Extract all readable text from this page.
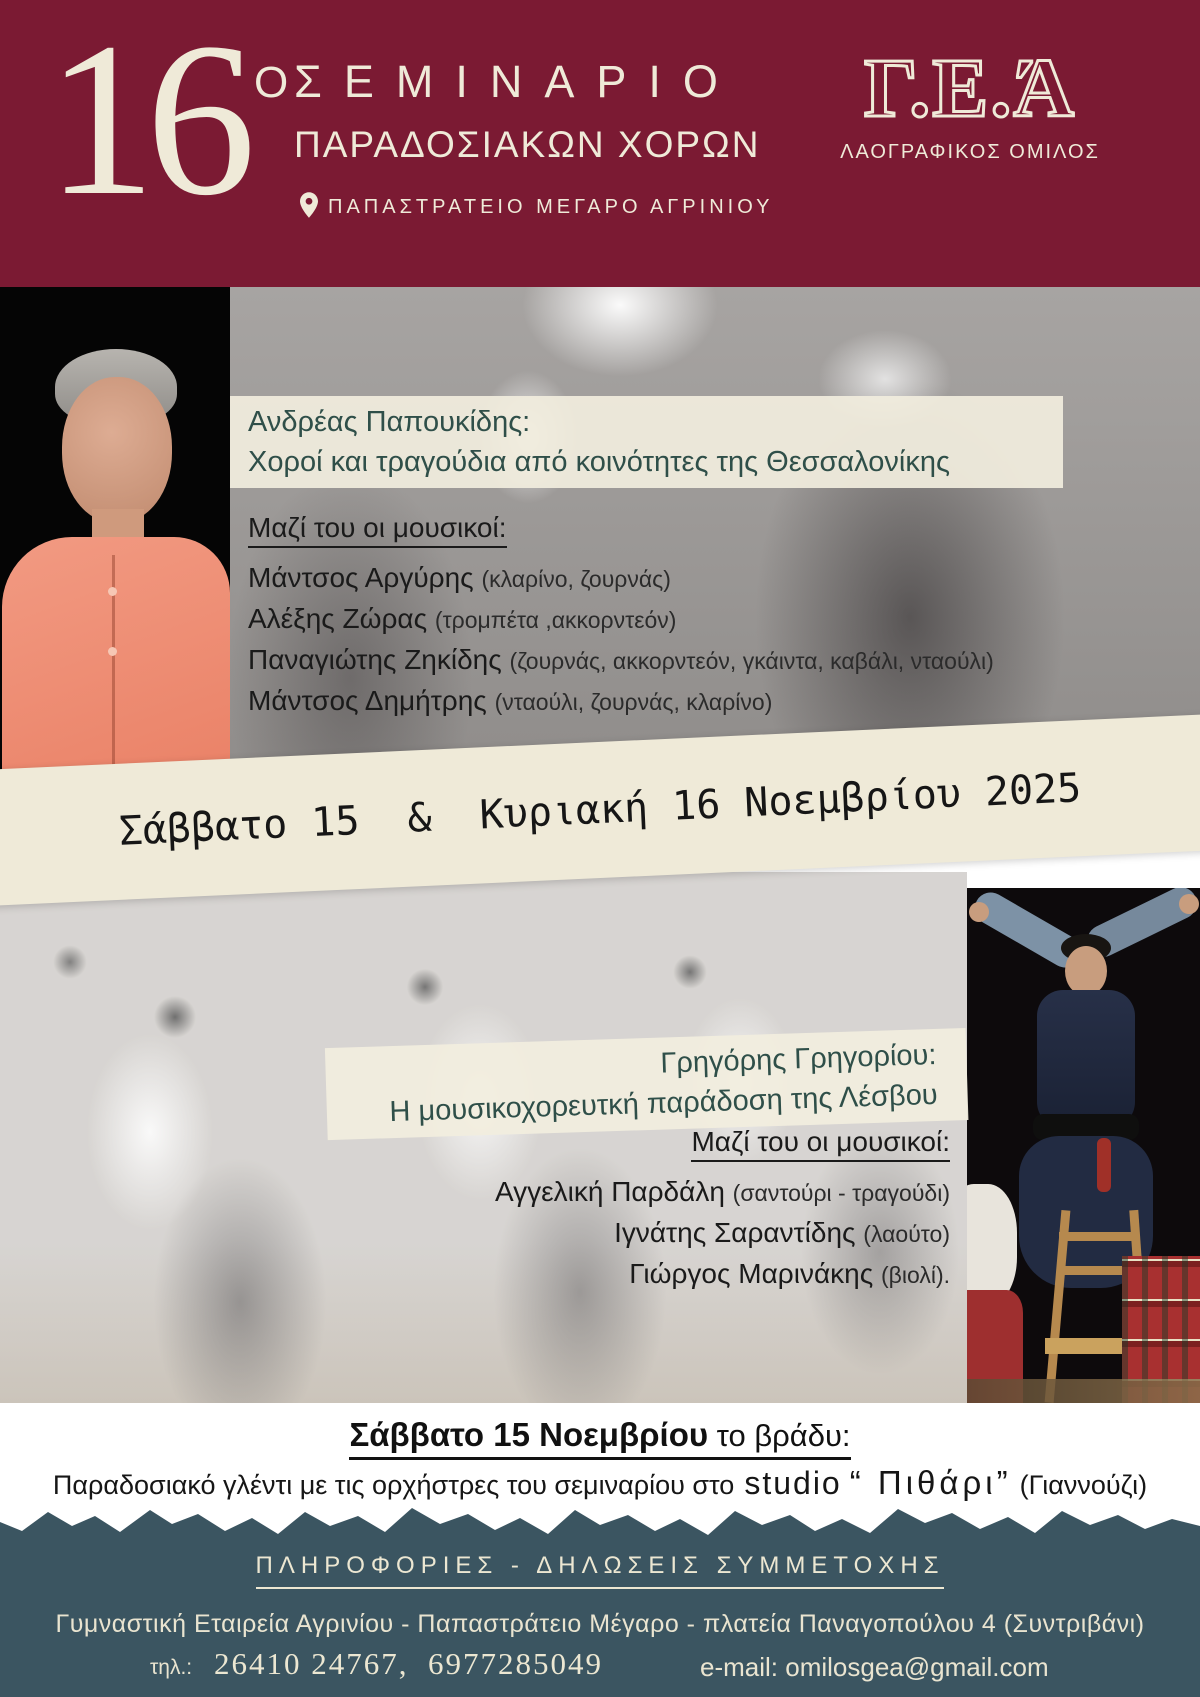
16 Ο ΣΕΜΙΝΑΡΙΟ
ΠΑΡΑΔΟΣΙΑΚΩΝ ΧΟΡΩΝ
ΠΑΠΑΣΤΡΑΤΕΙΟ ΜΕΓΑΡΟ ΑΓΡΙΝΙΟΥ
Γ.Ε.Ά
ΛΑΟΓΡΑΦΙΚΟΣ ΟΜΙΛΟΣ
Ανδρέας Παπουκίδης:
Χοροί και τραγούδια από κοινότητες της Θεσσαλονίκης
Μαζί του οι μουσικοί:
Μάντσος Αργύρης (κλαρίνο, ζουρνάς)
Αλέξης Ζώρας (τρομπέτα ,ακκορντεόν)
Παναγιώτης Ζηκίδης (ζουρνάς, ακκορντεόν, γκάιντα, καβάλι, νταούλι)
Μάντσος Δημήτρης (νταούλι, ζουρνάς, κλαρίνο)
Σάββατο 15  &  Κυριακή 16 Νοεμβρίου 2025
Γρηγόρης Γρηγορίου:
Η μουσικοχορευτκή παράδοση της Λέσβου
Μαζί του οι μουσικοί:
Αγγελική Παρδάλη (σαντούρι - τραγούδι)
Ιγνάτης Σαραντίδης (λαούτο)
Γιώργος Μαρινάκης (βιολί).
Σάββατο 15 Νοεμβρίου το βράδυ:
Παραδοσιακό γλέντι με τις ορχήστρες του σεμιναρίου στο studio “ Πιθάρι” (Γιαννούζι)
ΠΛΗΡΟΦΟΡΙΕΣ - ΔΗΛΩΣΕΙΣ ΣΥΜΜΕΤΟΧΗΣ
Γυμναστική Εταιρεία Αγρινίου - Παπαστράτειο Μέγαρο - πλατεία Παναγοπούλου 4 (Συντριβάνι)
τηλ.: 26410 24767,  6977285049	e-mail: omilosgea@gmail.com
